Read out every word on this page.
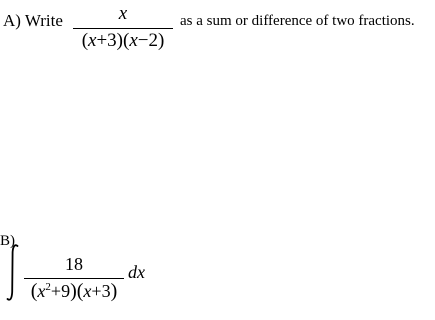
A) Write	x
(x+3)(x−2)
as a sum or difference of two fractions.
B)
18
$(x^2+9)(x+3)$
dx
